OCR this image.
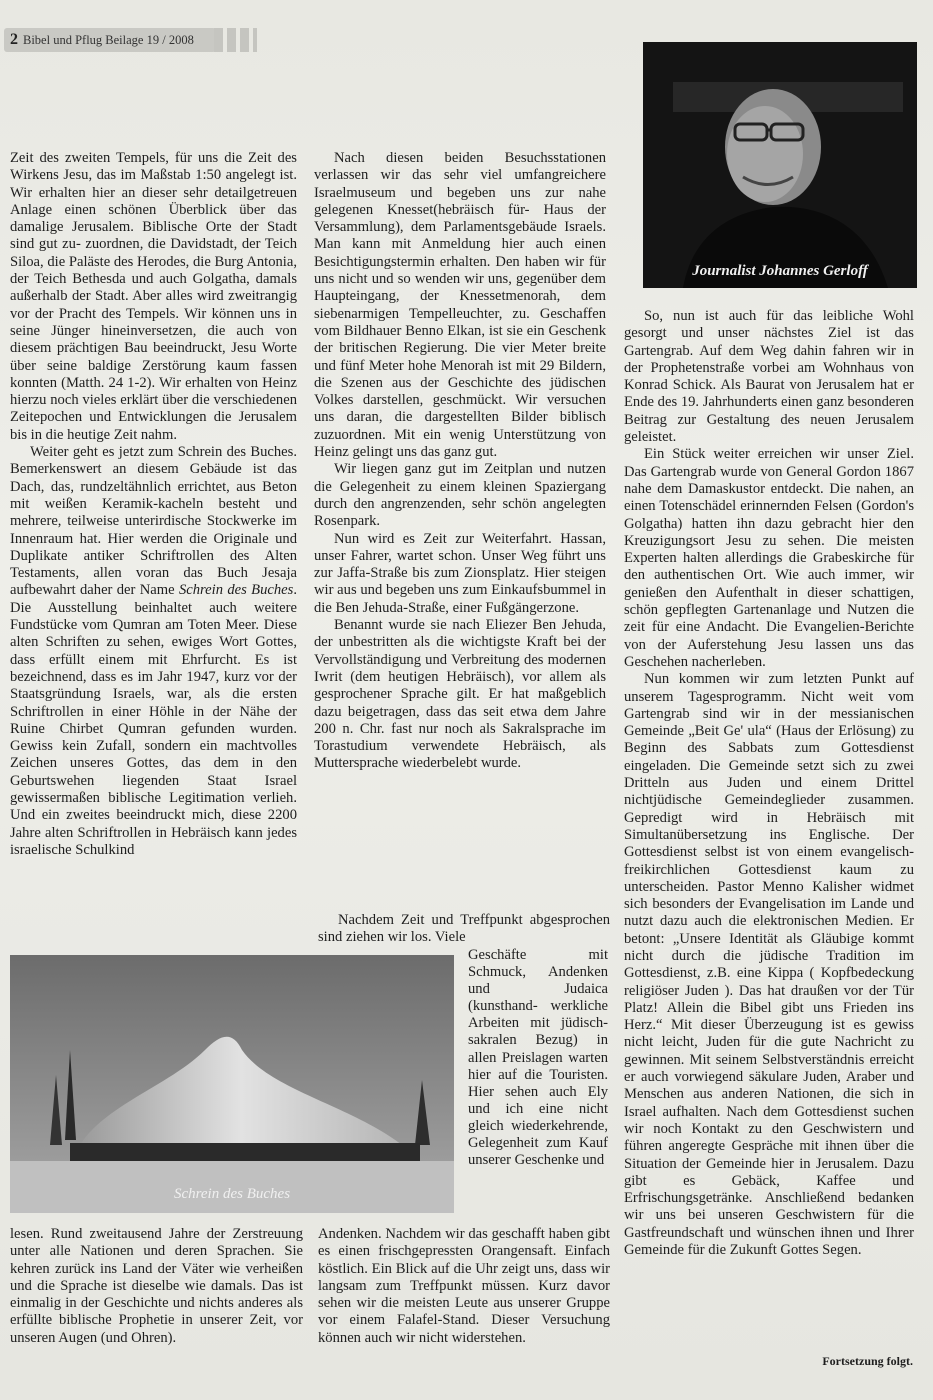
2 Bibel und Pflug Beilage 19 / 2008
Journalist Johannes Gerloff

Zeit des zweiten Tempels, für uns die Zeit des Wirkens Jesu, das im Maßstab 1:50 angelegt ist. Wir erhalten hier an dieser sehr detailgetreuen Anlage einen schönen Überblick über das damalige Jerusalem. Biblische Orte der Stadt sind gut zu- zuordnen, die Davidstadt, der Teich Siloa, die Paläste des Herodes, die Burg Antonia, der Teich Bethesda und auch Golgatha, damals außerhalb der Stadt. Aber alles wird zweitrangig vor der Pracht des Tempels. Wir können uns in seine Jünger hineinversetzen, die auch von diesem prächtigen Bau beeindruckt, Jesu Worte über seine baldige Zerstörung kaum fassen konnten (Matth. 24 1-2). Wir erhalten von Heinz hierzu noch vieles erklärt über die verschiedenen Zeitepochen und Entwicklungen die Jerusalem bis in die heutige Zeit nahm.

Weiter geht es jetzt zum Schrein des Buches. Bemerkenswert an diesem Gebäude ist das Dach, das, rundzeltähnlich errichtet, aus Beton mit weißen Keramik-kacheln besteht und mehrere, teilweise unterirdische Stockwerke im Innenraum hat. Hier werden die Originale und Duplikate antiker Schriftrollen des Alten Testaments, allen voran das Buch Jesaja aufbewahrt daher der Name Schrein des Buches. Die Ausstellung beinhaltet auch weitere Fundstücke vom Qumran am Toten Meer. Diese alten Schriften zu sehen, ewiges Wort Gottes, dass erfüllt einem mit Ehrfurcht. Es ist bezeichnend, dass es im Jahr 1947, kurz vor der Staatsgründung Israels, war, als die ersten Schriftrollen in einer Höhle in der Nähe der Ruine Chirbet Qumran gefunden wurden. Gewiss kein Zufall, sondern ein machtvolles Zeichen unseres Gottes, das dem in den Geburtswehen liegenden Staat Israel gewissermaßen biblische Legitimation verlieh. Und ein zweites beeindruckt mich, diese 2200 Jahre alten Schriftrollen in Hebräisch kann jedes israelische Schulkind

Nach diesen beiden Besuchsstationen verlassen wir das sehr viel umfangreichere Israelmuseum und begeben uns zur nahe gelegenen Knesset(hebräisch für- Haus der Versammlung), dem Parlamentsgebäude Israels. Man kann mit Anmeldung hier auch einen Besichtigungstermin erhalten. Den haben wir für uns nicht und so wenden wir uns, gegenüber dem Haupteingang, der Knessetmenorah, dem siebenarmigen Tempelleuchter, zu. Geschaffen vom Bildhauer Benno Elkan, ist sie ein Geschenk der britischen Regierung. Die vier Meter breite und fünf Meter hohe Menorah ist mit 29 Bildern, die Szenen aus der Geschichte des jüdischen Volkes darstellen, geschmückt. Wir versuchen uns daran, die dargestellten Bilder biblisch zuzuordnen. Mit ein wenig Unterstützung von Heinz gelingt uns das ganz gut.

Wir liegen ganz gut im Zeitplan und nutzen die Gelegenheit zu einem kleinen Spaziergang durch den angrenzenden, sehr schön angelegten Rosenpark.

Nun wird es Zeit zur Weiterfahrt. Hassan, unser Fahrer, wartet schon. Unser Weg führt uns zur Jaffa-Straße bis zum Zionsplatz. Hier steigen wir aus und begeben uns zum Einkaufsbummel in die Ben Jehuda-Straße, einer Fußgängerzone.

Benannt wurde sie nach Eliezer Ben Jehuda, der unbestritten als die wichtigste Kraft bei der Vervollständigung und Verbreitung des modernen Iwrit (dem heutigen Hebräisch), vor allem als gesprochener Sprache gilt. Er hat maßgeblich dazu beigetragen, dass das seit etwa dem Jahre 200 n. Chr. fast nur noch als Sakralsprache im Torastudium verwendete Hebräisch, als Muttersprache wiederbelebt wurde.

Nachdem Zeit und Treffpunkt abgesprochen sind ziehen wir los. Viele
Schrein des Buches
Geschäfte mit Schmuck, Andenken und Judaica (kunsthand- werkliche Arbeiten mit jüdisch-sakralen Bezug) in allen Preislagen warten hier auf die Touristen. Hier sehen auch Ely und ich eine nicht gleich wiederkehrende, Gelegenheit zum Kauf unserer Geschenke und
lesen. Rund zweitausend Jahre der Zerstreuung unter alle Nationen und deren Sprachen. Sie kehren zurück ins Land der Väter wie verheißen und die Sprache ist dieselbe wie damals. Das ist einmalig in der Geschichte und nichts anderes als erfüllte biblische Prophetie in unserer Zeit, vor unseren Augen (und Ohren).
Andenken. Nachdem wir das geschafft haben gibt es einen frischgepressten Orangensaft. Einfach köstlich. Ein Blick auf die Uhr zeigt uns, dass wir langsam zum Treffpunkt müssen. Kurz davor sehen wir die meisten Leute aus unserer Gruppe vor einem Falafel-Stand. Dieser Versuchung können auch wir nicht widerstehen.

So, nun ist auch für das leibliche Wohl gesorgt und unser nächstes Ziel ist das Gartengrab. Auf dem Weg dahin fahren wir in der Prophetenstraße vorbei am Wohnhaus von Konrad Schick. Als Baurat von Jerusalem hat er Ende des 19. Jahrhunderts einen ganz besonderen Beitrag zur Gestaltung des neuen Jerusalem geleistet.

Ein Stück weiter erreichen wir unser Ziel. Das Gartengrab wurde von General Gordon 1867 nahe dem Damaskustor entdeckt. Die nahen, an einen Totenschädel erinnernden Felsen (Gordon's Golgatha) hatten ihn dazu gebracht hier den Kreuzigungsort Jesu zu sehen. Die meisten Experten halten allerdings die Grabeskirche für den authentischen Ort. Wie auch immer, wir genießen den Aufenthalt in dieser schattigen, schön gepflegten Gartenanlage und Nutzen die zeit für eine Andacht. Die Evangelien-Berichte von der Auferstehung Jesu lassen uns das Geschehen nacherleben.

Nun kommen wir zum letzten Punkt auf unserem Tagesprogramm. Nicht weit vom Gartengrab sind wir in der messianischen Gemeinde „Beit Ge' ula“ (Haus der Erlösung) zu Beginn des Sabbats zum Gottesdienst eingeladen. Die Gemeinde setzt sich zu zwei Dritteln aus Juden und einem Drittel nichtjüdische Gemeindeglieder zusammen. Gepredigt wird in Hebräisch mit Simultanübersetzung ins Englische. Der Gottesdienst selbst ist von einem evangelisch-freikirchlichen Gottesdienst kaum zu unterscheiden. Pastor Menno Kalisher widmet sich besonders der Evangelisation im Lande und nutzt dazu auch die elektronischen Medien. Er betont: „Unsere Identität als Gläubige kommt nicht durch die jüdische Tradition im Gottesdienst, z.B. eine Kippa ( Kopfbedeckung religiöser Juden ). Das hat draußen vor der Tür Platz! Allein die Bibel gibt uns Frieden ins Herz.“ Mit dieser Überzeugung ist es gewiss nicht leicht, Juden für die gute Nachricht zu gewinnen. Mit seinem Selbstverständnis erreicht er auch vorwiegend säkulare Juden, Araber und Menschen aus anderen Nationen, die sich in Israel aufhalten. Nach dem Gottesdienst suchen wir noch Kontakt zu den Geschwistern und führen angeregte Gespräche mit ihnen über die Situation der Gemeinde hier in Jerusalem. Dazu gibt es Gebäck, Kaffee und Erfrischungsgetränke. Anschließend bedanken wir uns bei unseren Geschwistern für die Gastfreundschaft und wünschen ihnen und Ihrer Gemeinde für die Zukunft Gottes Segen.

Fortsetzung folgt.
